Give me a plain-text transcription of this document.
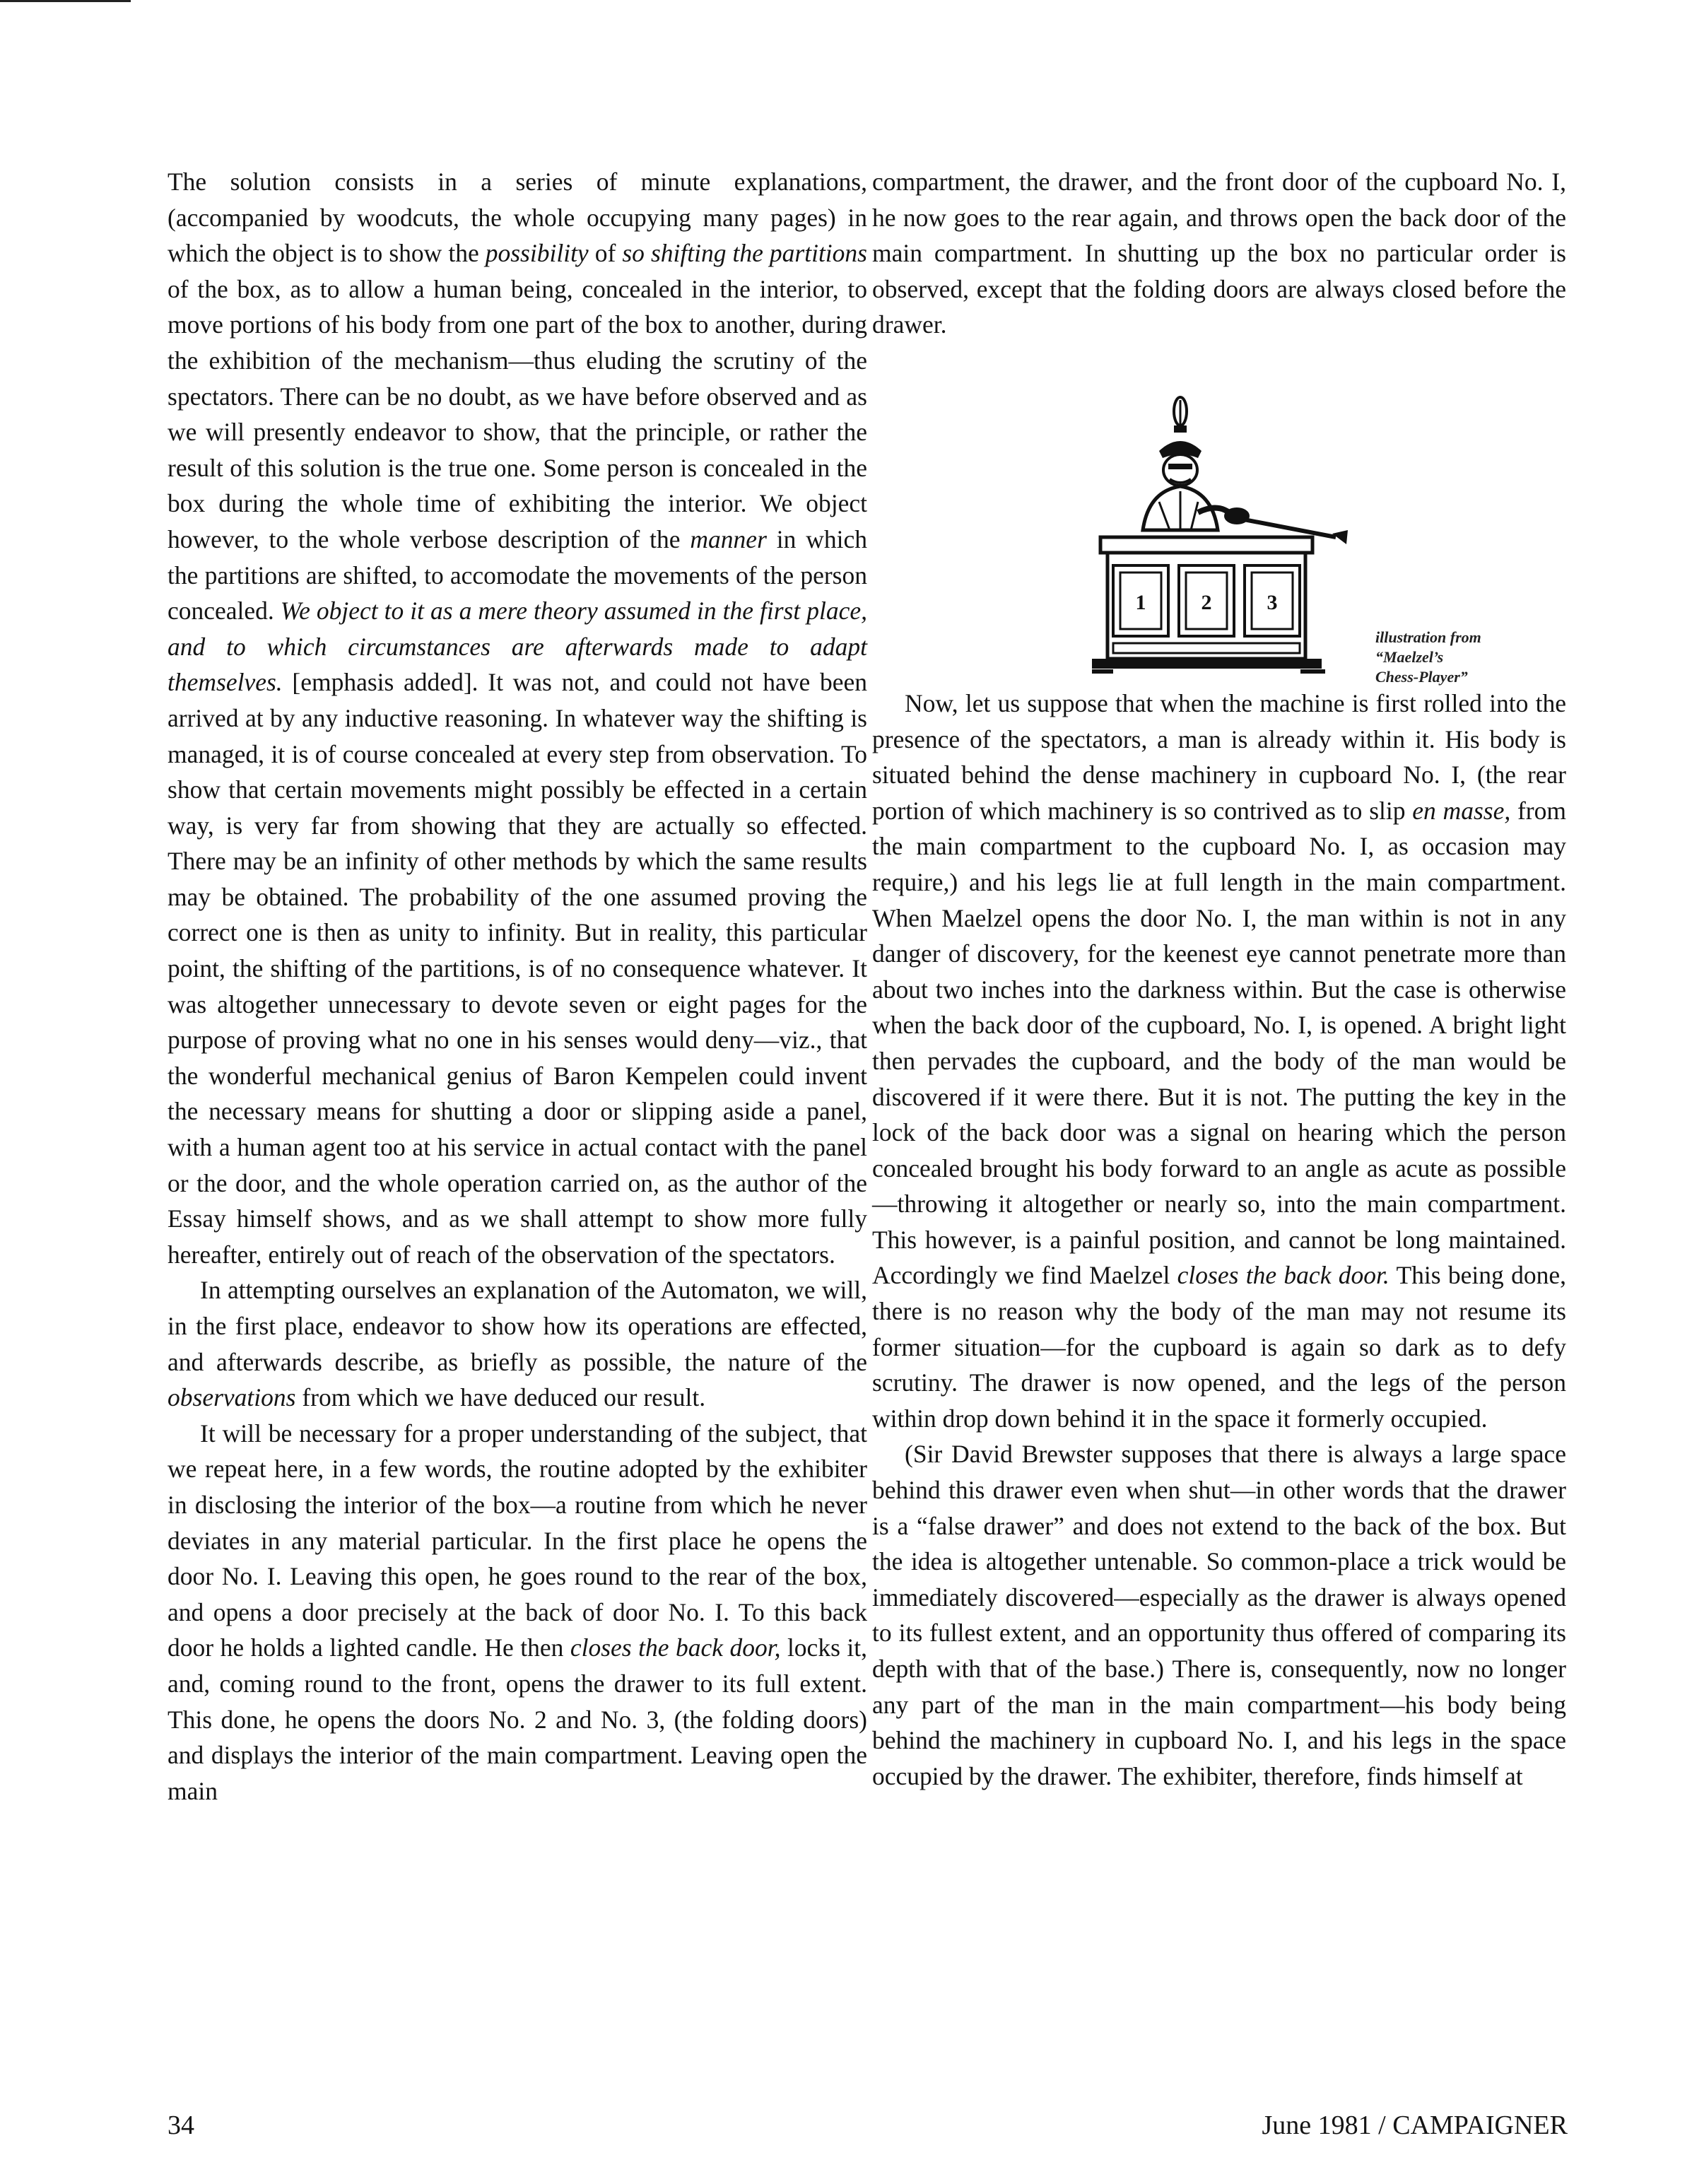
The solution consists in a series of minute explanations, (accompanied by woodcuts, the whole occupying many pages) in which the object is to show the possibility of so shifting the partitions of the box, as to allow a human being, concealed in the interior, to move portions of his body from one part of the box to another, during the exhibition of the mechanism—thus eluding the scrutiny of the spectators. There can be no doubt, as we have before observed and as we will presently endeavor to show, that the principle, or rather the result of this solution is the true one. Some person is concealed in the box during the whole time of exhibiting the interior. We object however, to the whole verbose description of the manner in which the partitions are shifted, to accomodate the movements of the person concealed. We object to it as a mere theory assumed in the first place, and to which circumstances are afterwards made to adapt themselves. [emphasis added]. It was not, and could not have been arrived at by any inductive reasoning. In whatever way the shifting is managed, it is of course concealed at every step from observation. To show that certain movements might possibly be effected in a certain way, is very far from showing that they are actually so effected. There may be an infinity of other methods by which the same results may be obtained. The probability of the one assumed proving the correct one is then as unity to infinity. But in reality, this particular point, the shifting of the partitions, is of no consequence whatever. It was altogether unnecessary to devote seven or eight pages for the purpose of proving what no one in his senses would deny—viz., that the wonderful mechanical genius of Baron Kempelen could invent the necessary means for shutting a door or slipping aside a panel, with a human agent too at his service in actual contact with the panel or the door, and the whole operation carried on, as the author of the Essay himself shows, and as we shall attempt to show more fully hereafter, entirely out of reach of the observation of the spectators.

In attempting ourselves an explanation of the Automaton, we will, in the first place, endeavor to show how its operations are effected, and afterwards describe, as briefly as possible, the nature of the observations from which we have deduced our result.

It will be necessary for a proper understanding of the subject, that we repeat here, in a few words, the routine adopted by the exhibiter in disclosing the interior of the box—a routine from which he never deviates in any material particular. In the first place he opens the door No. I. Leaving this open, he goes round to the rear of the box, and opens a door precisely at the back of door No. I. To this back door he holds a lighted candle. He then closes the back door, locks it, and, coming round to the front, opens the drawer to its full extent. This done, he opens the doors No. 2 and No. 3, (the folding doors) and displays the interior of the main compartment. Leaving open the main

compartment, the drawer, and the front door of the cupboard No. I, he now goes to the rear again, and throws open the back door of the main compartment. In shutting up the box no particular order is observed, except that the folding doors are always closed before the drawer.

Now, let us suppose that when the machine is first rolled into the presence of the spectators, a man is already within it. His body is situated behind the dense machinery in cupboard No. I, (the rear portion of which machinery is so contrived as to slip en masse, from the main compartment to the cupboard No. I, as occasion may require,) and his legs lie at full length in the main compartment. When Maelzel opens the door No. I, the man within is not in any danger of discovery, for the keenest eye cannot penetrate more than about two inches into the darkness within. But the case is otherwise when the back door of the cupboard, No. I, is opened. A bright light then pervades the cupboard, and the body of the man would be discovered if it were there. But it is not. The putting the key in the lock of the back door was a signal on hearing which the person concealed brought his body forward to an angle as acute as possible—throwing it altogether or nearly so, into the main compartment. This however, is a painful position, and cannot be long maintained. Accordingly we find Maelzel closes the back door. This being done, there is no reason why the body of the man may not resume its former situation—for the cupboard is again so dark as to defy scrutiny. The drawer is now opened, and the legs of the person within drop down behind it in the space it formerly occupied.

(Sir David Brewster supposes that there is always a large space behind this drawer even when shut—in other words that the drawer is a “false drawer” and does not extend to the back of the box. But the idea is altogether untenable. So common-place a trick would be immediately discovered—especially as the drawer is always opened to its fullest extent, and an opportunity thus offered of comparing its depth with that of the base.) There is, consequently, now no longer any part of the man in the main compartment—his body being behind the machinery in cupboard No. I, and his legs in the space occupied by the drawer. The exhibiter, therefore, finds himself at

1	2	3
illustration from
“Maelzel’s
Chess-Player”
34	June 1981 / CAMPAIGNER
